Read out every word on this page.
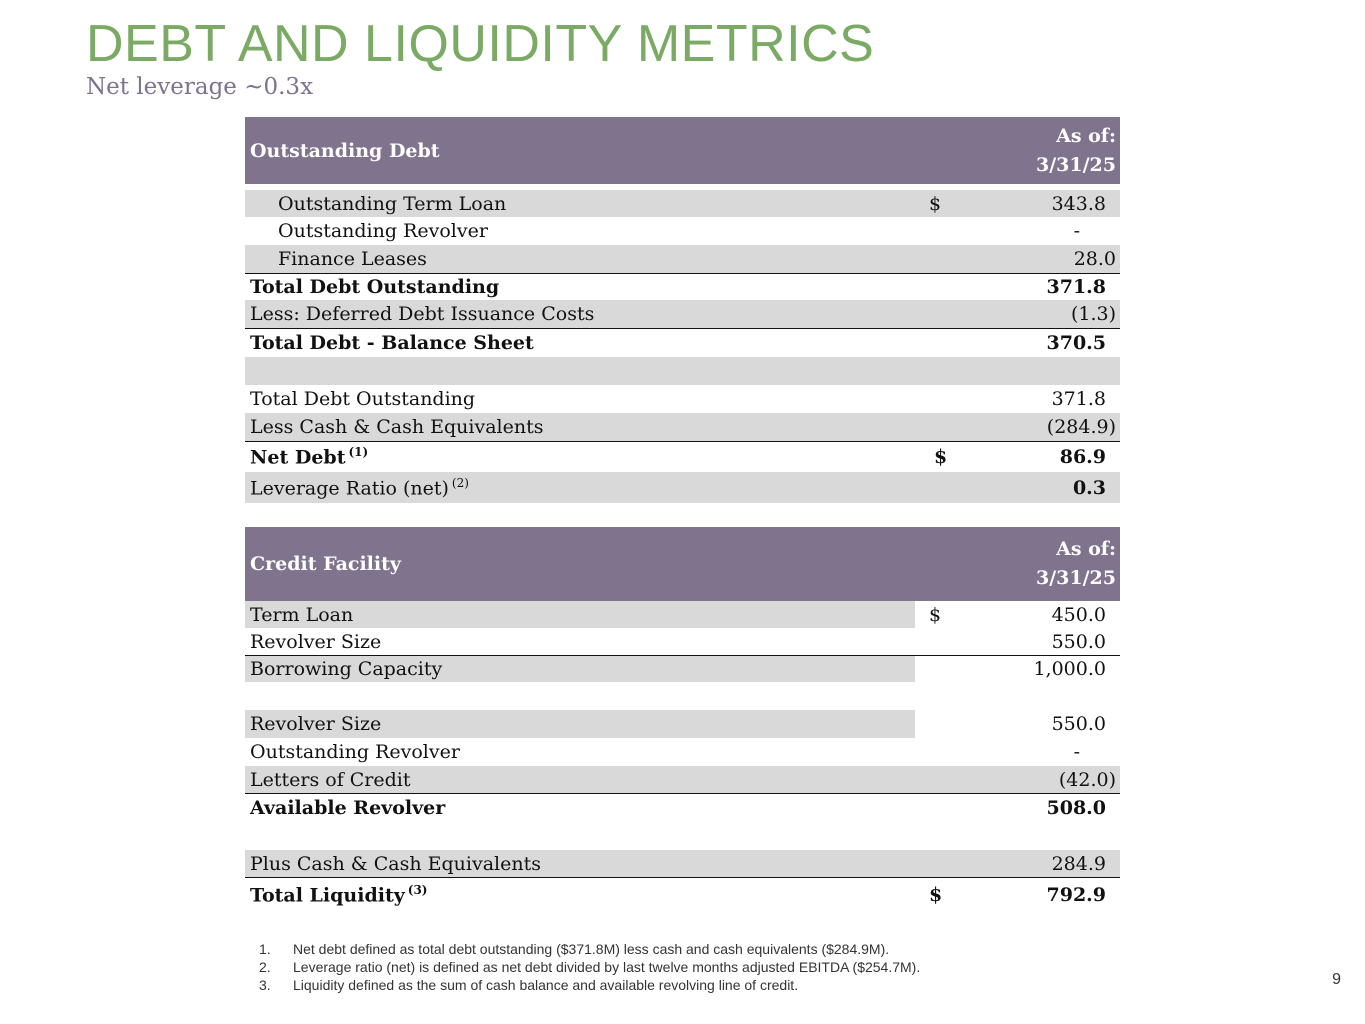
DEBT AND LIQUIDITY METRICS
Net leverage ~0.3x
Outstanding Debt
As of:
3/31/25
Outstanding Term Loan	$	343.8
Outstanding Revolver	-
Finance Leases	28.0
Total Debt Outstanding	371.8
Less: Deferred Debt Issuance Costs	(1.3)
Total Debt - Balance Sheet	370.5
Total Debt Outstanding	371.8
Less Cash & Cash Equivalents	(284.9)
Net Debt $^{(1)}$	$	86.9
Leverage Ratio (net) $^{(2)}$	0.3
Credit Facility
As of:
3/31/25
Term Loan	$	450.0
Revolver Size	550.0
Borrowing Capacity	1,000.0
Revolver Size	550.0
Outstanding Revolver	-
Letters of Credit	(42.0)
Available Revolver	508.0
Plus Cash & Cash Equivalents	284.9
Total Liquidity $^{(3)}$	$	792.9
1.	Net debt defined as total debt outstanding ($371.8M) less cash and cash equivalents ($284.9M).
2.	Leverage ratio (net) is defined as net debt divided by last twelve months adjusted EBITDA ($254.7M).
3.	Liquidity defined as the sum of cash balance and available revolving line of credit.	9
